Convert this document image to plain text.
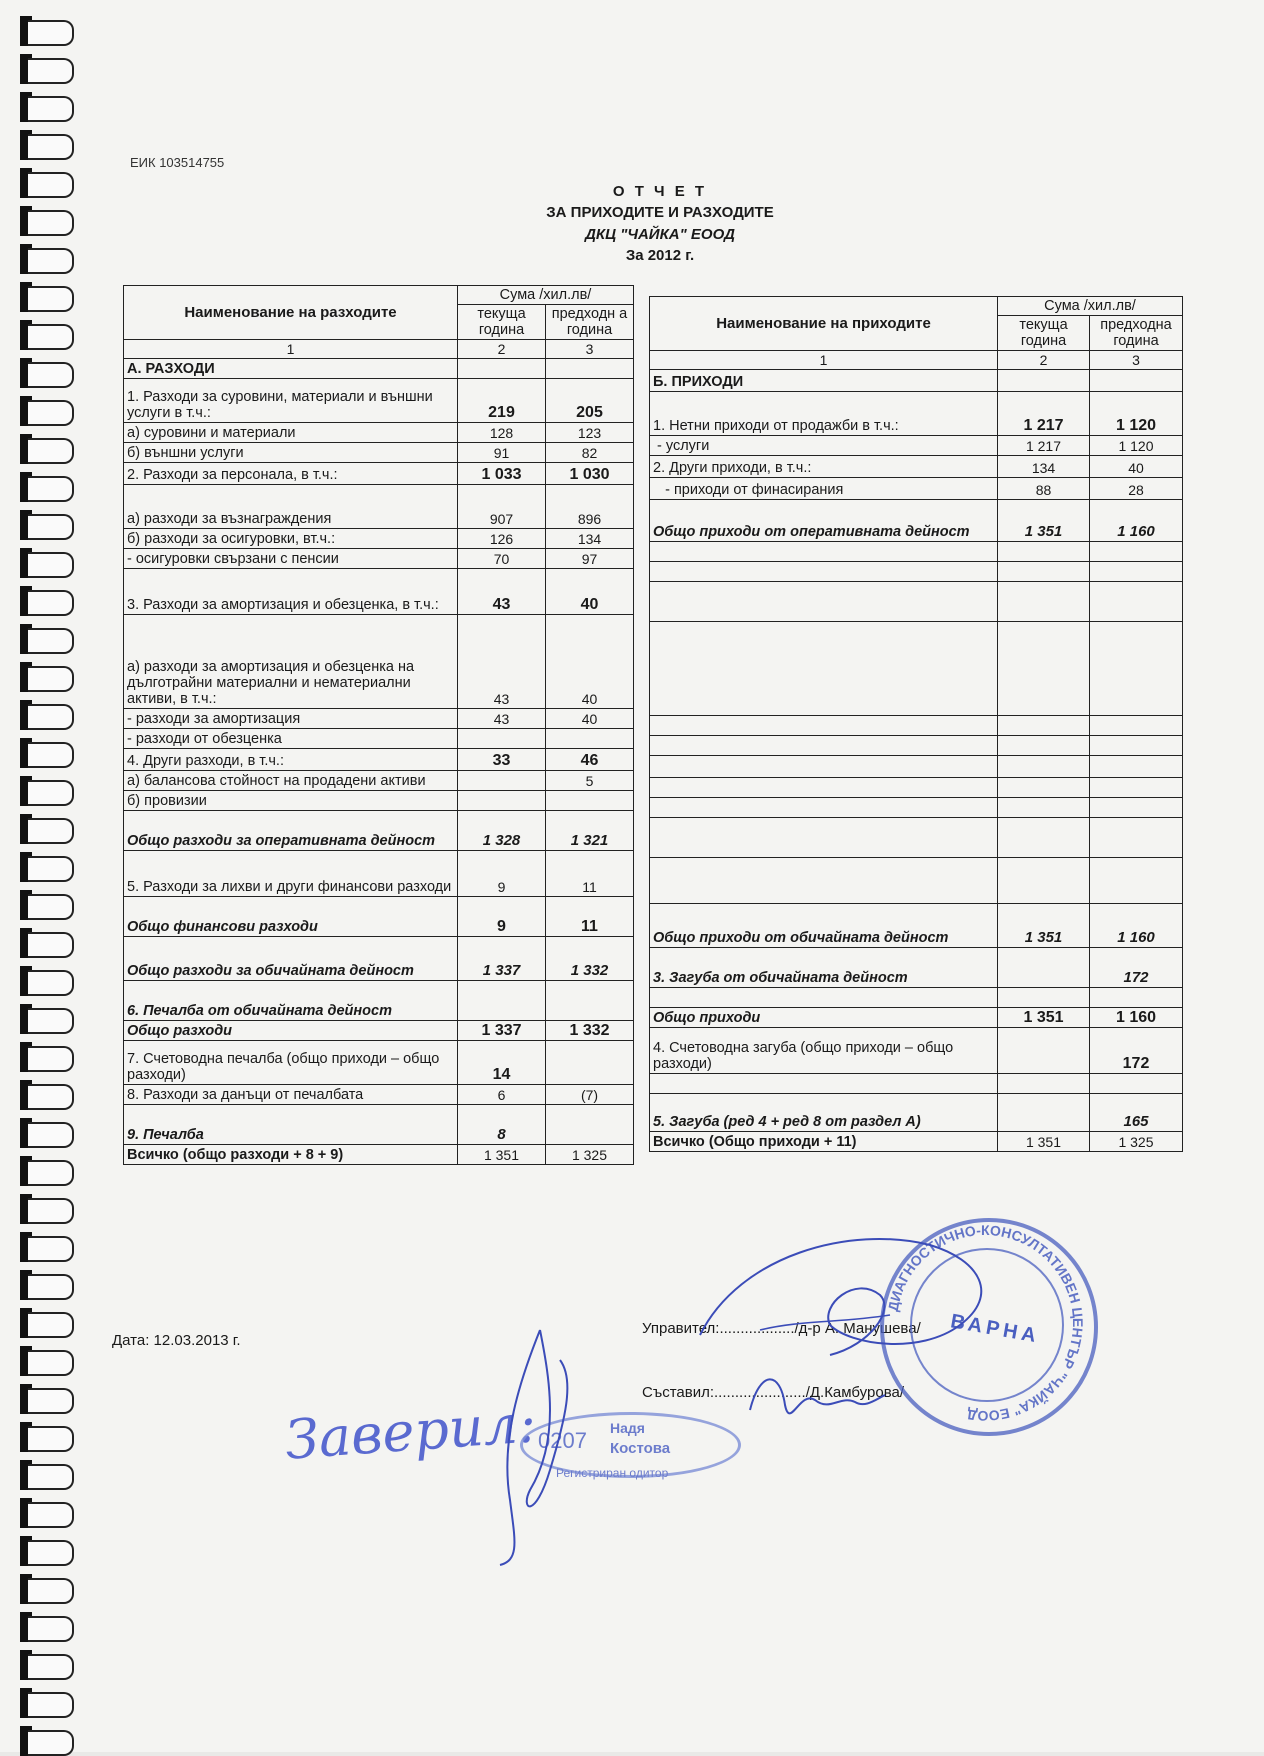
ЕИК 103514755
О Т Ч Е Т
ЗА ПРИХОДИТЕ И РАЗХОДИТЕ
ДКЦ "ЧАЙКА" ЕООД
За 2012 г.
Наименование на разходите	Сума /хил.лв/	
	текуща година	предходн а година
1	2	3
А. РАЗХОДИ		
1. Разходи за суровини, материали и външни услуги в т.ч.:	219	205
а) суровини и материали	128	123
б) външни услуги	91	82
2. Разходи за персонала, в т.ч.:	1 033	1 030
а) разходи за възнаграждения	907	896
б) разходи за осигуровки, вт.ч.:	126	134
- осигуровки свързани с пенсии	70	97
3. Разходи за амортизация и обезценка, в т.ч.:	43	40
а) разходи за амортизация и обезценка на дълготрайни материални и нематериални активи, в т.ч.:	43	40
- разходи за амортизация	43	40
- разходи от обезценка		
4. Други разходи, в т.ч.:	33	46
а) балансова стойност на продадени активи		5
б) провизии		
Общо разходи за оперативната дейност	1 328	1 321
5. Разходи за лихви и други финансови разходи	9	11
Общо финансови разходи	9	11
Общо разходи за обичайната дейност	1 337	1 332
6. Печалба от обичайната дейност		
Общо разходи	1 337	1 332
7. Счетоводна печалба (общо приходи – общо разходи)	14	
8. Разходи за данъци от печалбата	6	(7)
9. Печалба	8	
Всичко (общо разходи + 8 + 9)	1 351	1 325
Наименование на приходите	Сума /хил.лв/	
	текуща година	предходна година
1	2	3
Б. ПРИХОДИ		
1. Нетни приходи от продажби в т.ч.:	1 217	1 120
- услуги	1 217	1 120
2. Други приходи, в т.ч.:	134	40
- приходи от финасирания	88	28
Общо приходи от оперативната дейност	1 351	1 160

Общо приходи от обичайната дейност	1 351	1 160
3. Загуба от обичайната дейност		172

Общо приходи	1 351	1 160
4. Счетоводна загуба (общо приходи – общо разходи)		172

5. Загуба (ред 4 + ред 8 от раздел А)		165
Всичко (Общо приходи + 11)	1 351	1 325
Дата: 12.03.2013 г.
Управител:................../д-р А. Манушева/
Съставил:....................../Д.Камбурова/
Заверил: 0207 Надя
Костова
Регистриран одитор
ДИАГНОСТИЧНО-КОНСУЛТАТИВЕН ЦЕНТЪР "ЧАЙКА" ЕООД
ВАРНА
